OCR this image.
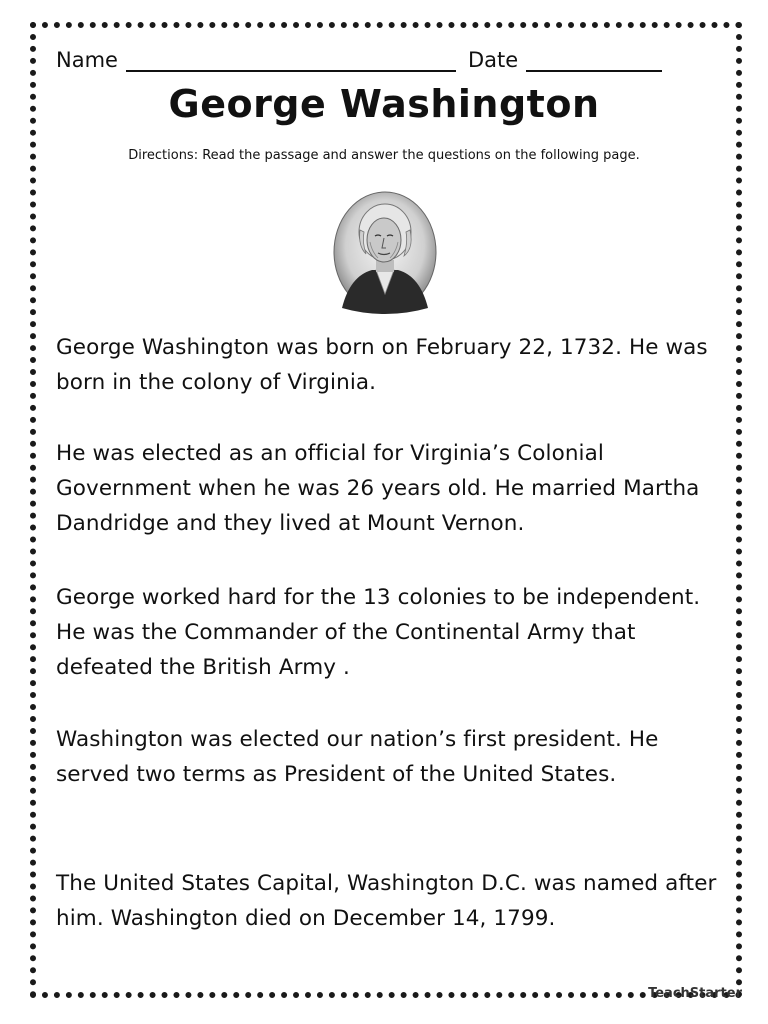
Name	Date
George Washington
Directions: Read the passage and answer the questions on the following page.

George Washington was born on February 22, 1732. He was born in the colony of Virginia.

He was elected as an official for Virginia’s Colonial Government when he was 26 years old. He married Martha Dandridge and they lived at Mount Vernon.

George worked hard for the 13 colonies to be independent. He was the Commander of the Continental Army that defeated the British Army .

Washington was elected our nation’s first president. He served two terms as President of the United States.

The United States Capital, Washington D.C. was named after him. Washington died on December 14, 1799.

TeachStarter
